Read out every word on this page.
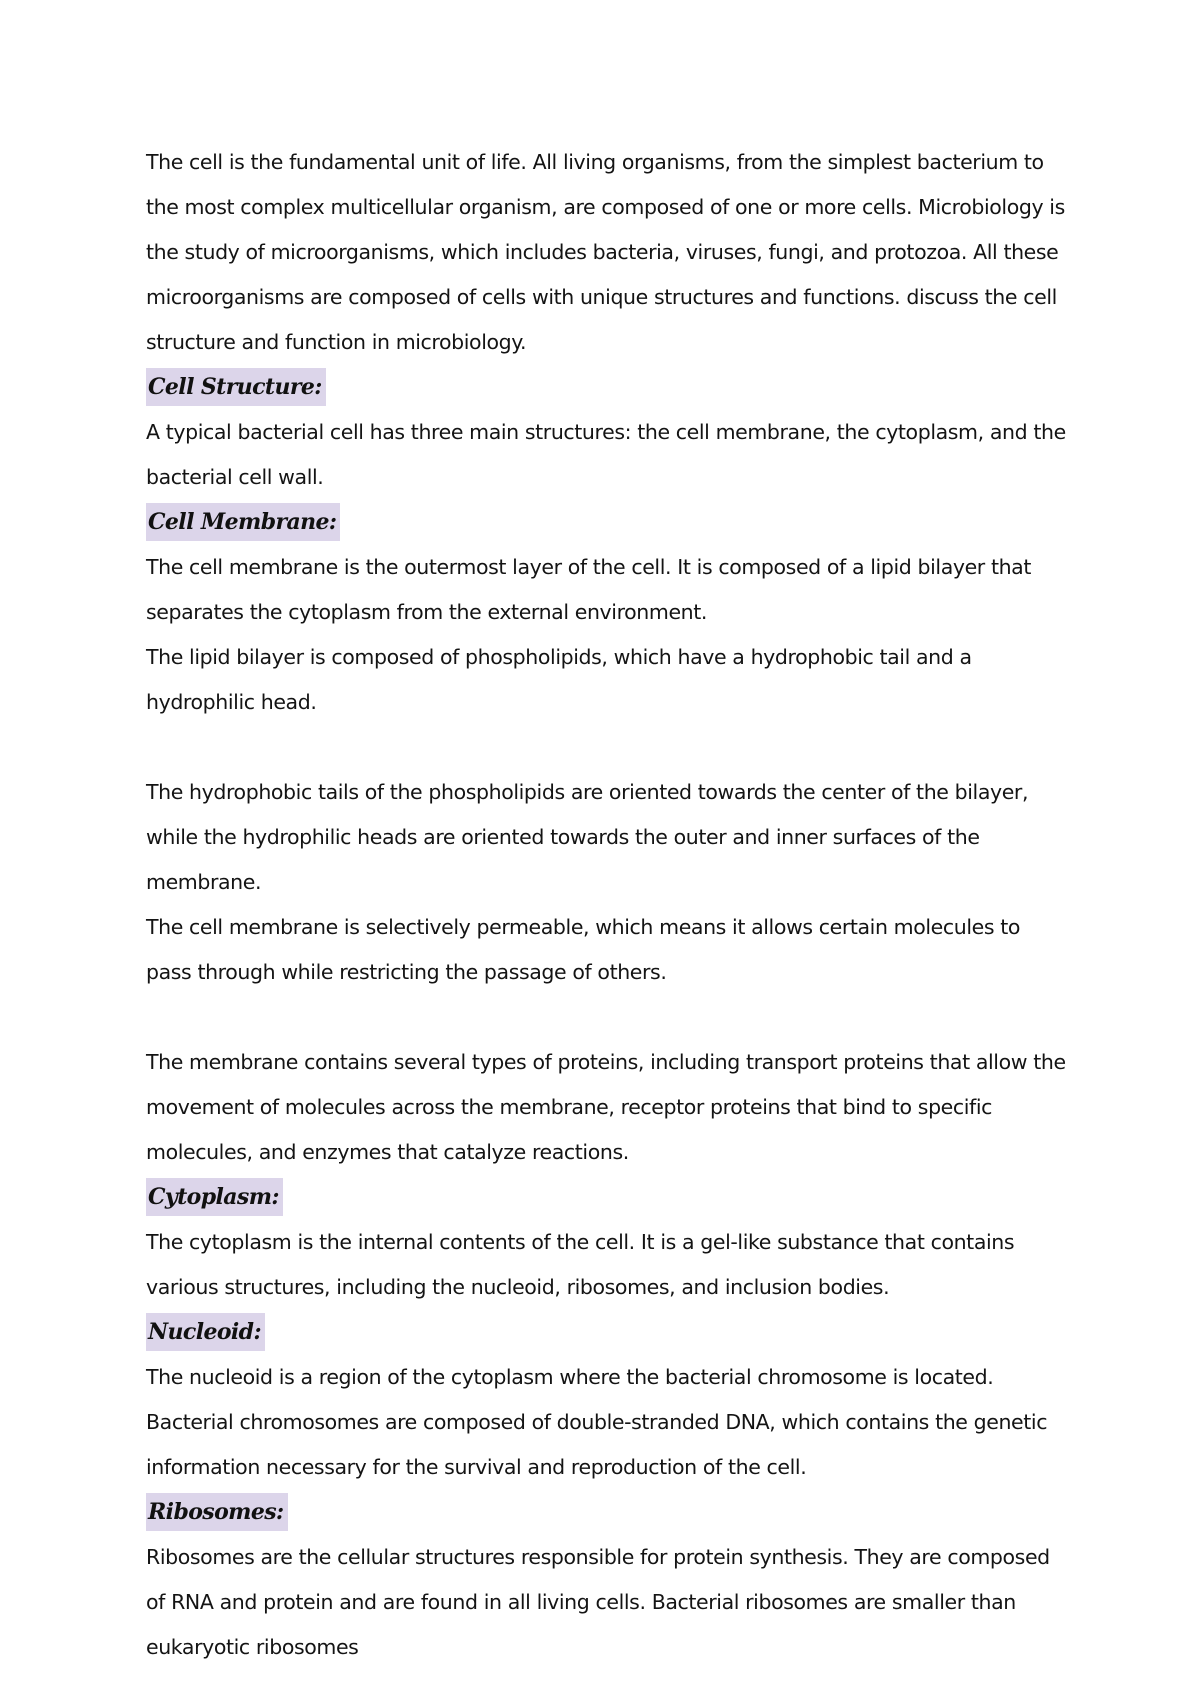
The cell is the fundamental unit of life. All living organisms, from the simplest bacterium to the most complex multicellular organism, are composed of one or more cells. Microbiology is the study of microorganisms, which includes bacteria, viruses, fungi, and protozoa. All these microorganisms are composed of cells with unique structures and functions. discuss the cell structure and function in microbiology.

Cell Structure:

A typical bacterial cell has three main structures: the cell membrane, the cytoplasm, and the bacterial cell wall.

Cell Membrane:

The cell membrane is the outermost layer of the cell. It is composed of a lipid bilayer that separates the cytoplasm from the external environment.

The lipid bilayer is composed of phospholipids, which have a hydrophobic tail and a hydrophilic head.

The hydrophobic tails of the phospholipids are oriented towards the center of the bilayer, while the hydrophilic heads are oriented towards the outer and inner surfaces of the membrane.

The cell membrane is selectively permeable, which means it allows certain molecules to pass through while restricting the passage of others.

The membrane contains several types of proteins, including transport proteins that allow the movement of molecules across the membrane, receptor proteins that bind to specific molecules, and enzymes that catalyze reactions.

Cytoplasm:

The cytoplasm is the internal contents of the cell. It is a gel-like substance that contains various structures, including the nucleoid, ribosomes, and inclusion bodies.

Nucleoid:

The nucleoid is a region of the cytoplasm where the bacterial chromosome is located. Bacterial chromosomes are composed of double-stranded DNA, which contains the genetic information necessary for the survival and reproduction of the cell.

Ribosomes:

Ribosomes are the cellular structures responsible for protein synthesis. They are composed of RNA and protein and are found in all living cells. Bacterial ribosomes are smaller than eukaryotic ribosomes
